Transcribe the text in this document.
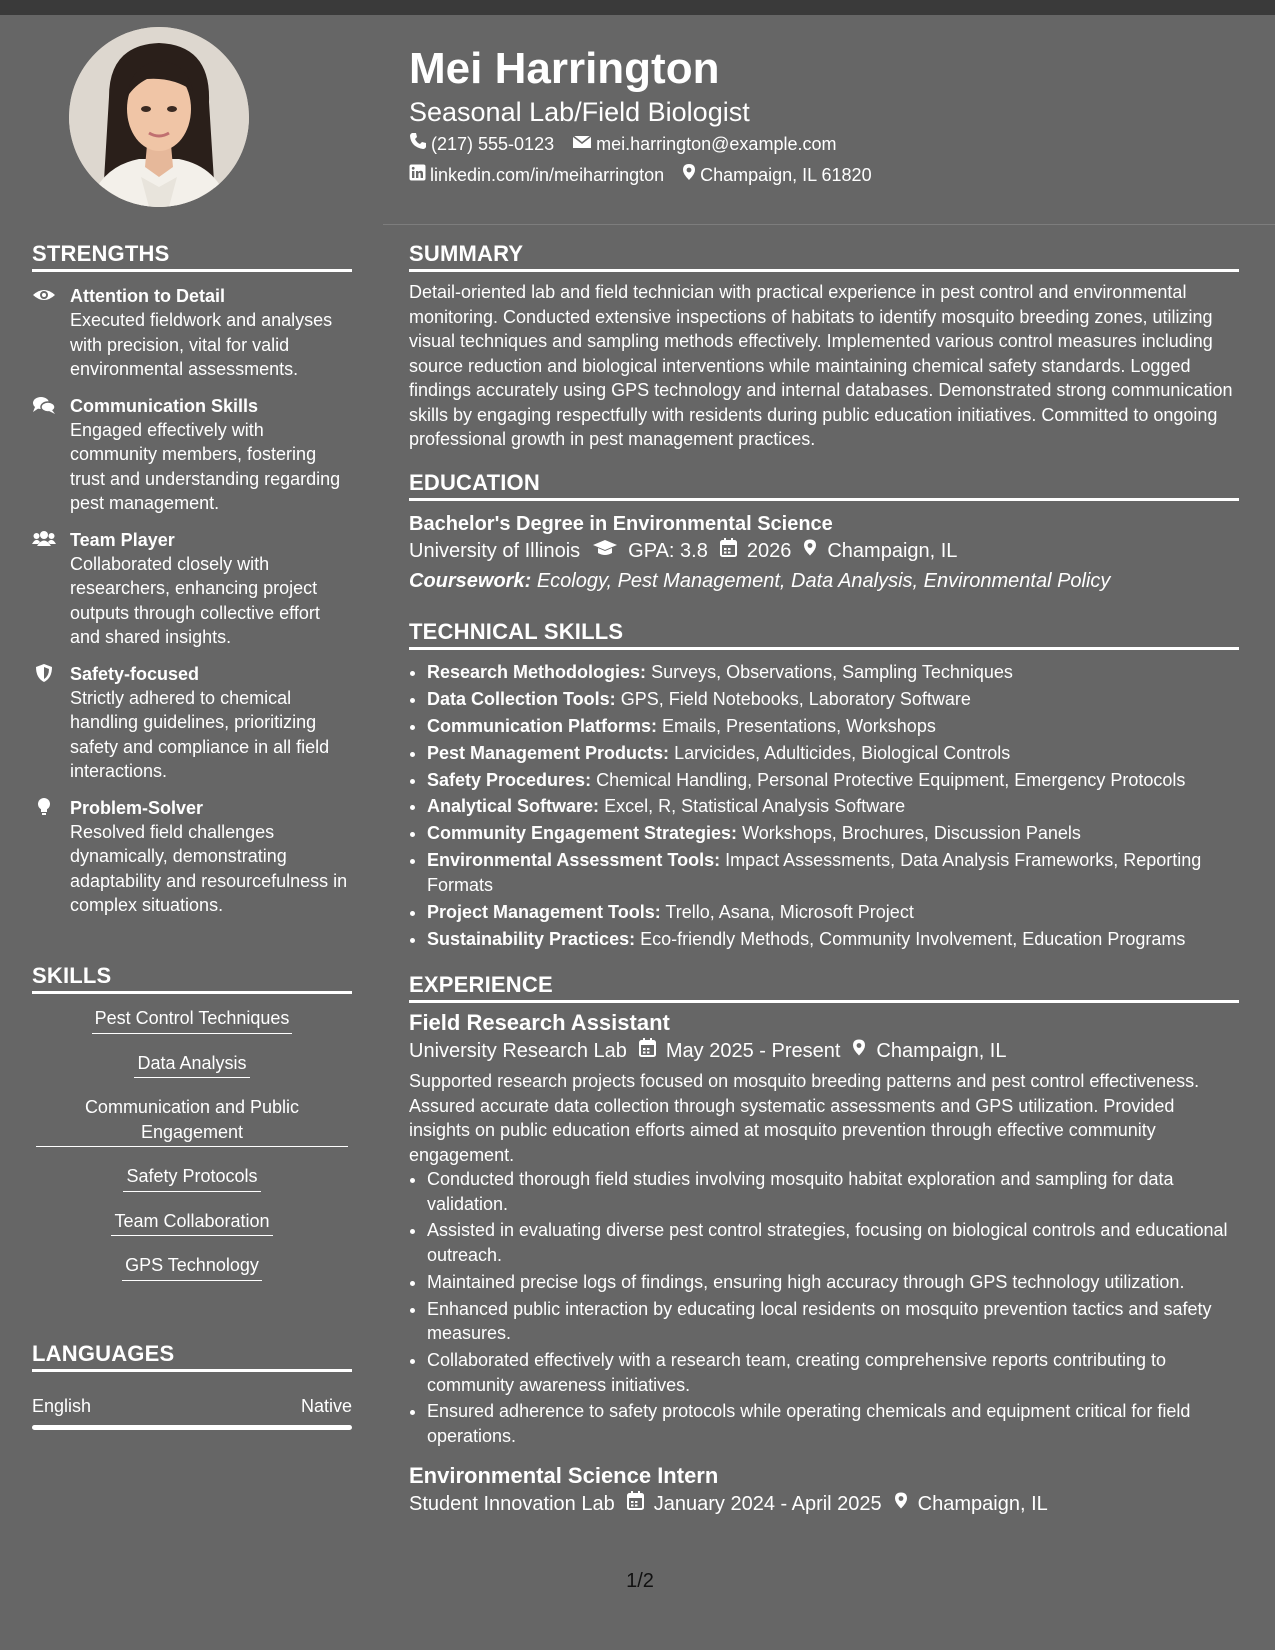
STRENGTHS
Attention to Detail
Executed fieldwork and analyses with precision, vital for valid environmental assessments.
Communication Skills
Engaged effectively with community members, fostering trust and understanding regarding pest management.
Team Player
Collaborated closely with researchers, enhancing project outputs through collective effort and shared insights.
Safety-focused
Strictly adhered to chemical handling guidelines, prioritizing safety and compliance in all field interactions.
Problem-Solver
Resolved field challenges dynamically, demonstrating adaptability and resourcefulness in complex situations.
SKILLS
Pest Control Techniques
Data Analysis
Communication and Public Engagement
Safety Protocols
Team Collaboration
GPS Technology
LANGUAGES
English	Native
Mei Harrington
Seasonal Lab/Field Biologist
(217) 555-0123 mei.harrington@example.com
linkedin.com/in/meiharrington Champaign, IL 61820
SUMMARY
Detail-oriented lab and field technician with practical experience in pest control and environmental monitoring. Conducted extensive inspections of habitats to identify mosquito breeding zones, utilizing visual techniques and sampling methods effectively. Implemented various control measures including source reduction and biological interventions while maintaining chemical safety standards. Logged findings accurately using GPS technology and internal databases. Demonstrated strong communication skills by engaging respectfully with residents during public education initiatives. Committed to ongoing professional growth in pest management practices.
EDUCATION
Bachelor's Degree in Environmental Science
University of Illinois GPA: 3.8 2026 Champaign, IL
Coursework: Ecology, Pest Management, Data Analysis, Environmental Policy
TECHNICAL SKILLS
• Research Methodologies: Surveys, Observations, Sampling Techniques
• Data Collection Tools: GPS, Field Notebooks, Laboratory Software
• Communication Platforms: Emails, Presentations, Workshops
• Pest Management Products: Larvicides, Adulticides, Biological Controls
• Safety Procedures: Chemical Handling, Personal Protective Equipment, Emergency Protocols
• Analytical Software: Excel, R, Statistical Analysis Software
• Community Engagement Strategies: Workshops, Brochures, Discussion Panels
• Environmental Assessment Tools: Impact Assessments, Data Analysis Frameworks, Reporting Formats
• Project Management Tools: Trello, Asana, Microsoft Project
• Sustainability Practices: Eco-friendly Methods, Community Involvement, Education Programs
EXPERIENCE
Field Research Assistant
University Research Lab May 2025 - Present Champaign, IL
Supported research projects focused on mosquito breeding patterns and pest control effectiveness. Assured accurate data collection through systematic assessments and GPS utilization. Provided insights on public education efforts aimed at mosquito prevention through effective community engagement.
• Conducted thorough field studies involving mosquito habitat exploration and sampling for data validation.
• Assisted in evaluating diverse pest control strategies, focusing on biological controls and educational outreach.
• Maintained precise logs of findings, ensuring high accuracy through GPS technology utilization.
• Enhanced public interaction by educating local residents on mosquito prevention tactics and safety measures.
• Collaborated effectively with a research team, creating comprehensive reports contributing to community awareness initiatives.
• Ensured adherence to safety protocols while operating chemicals and equipment critical for field operations.
Environmental Science Intern
Student Innovation Lab January 2024 - April 2025 Champaign, IL
1/2
